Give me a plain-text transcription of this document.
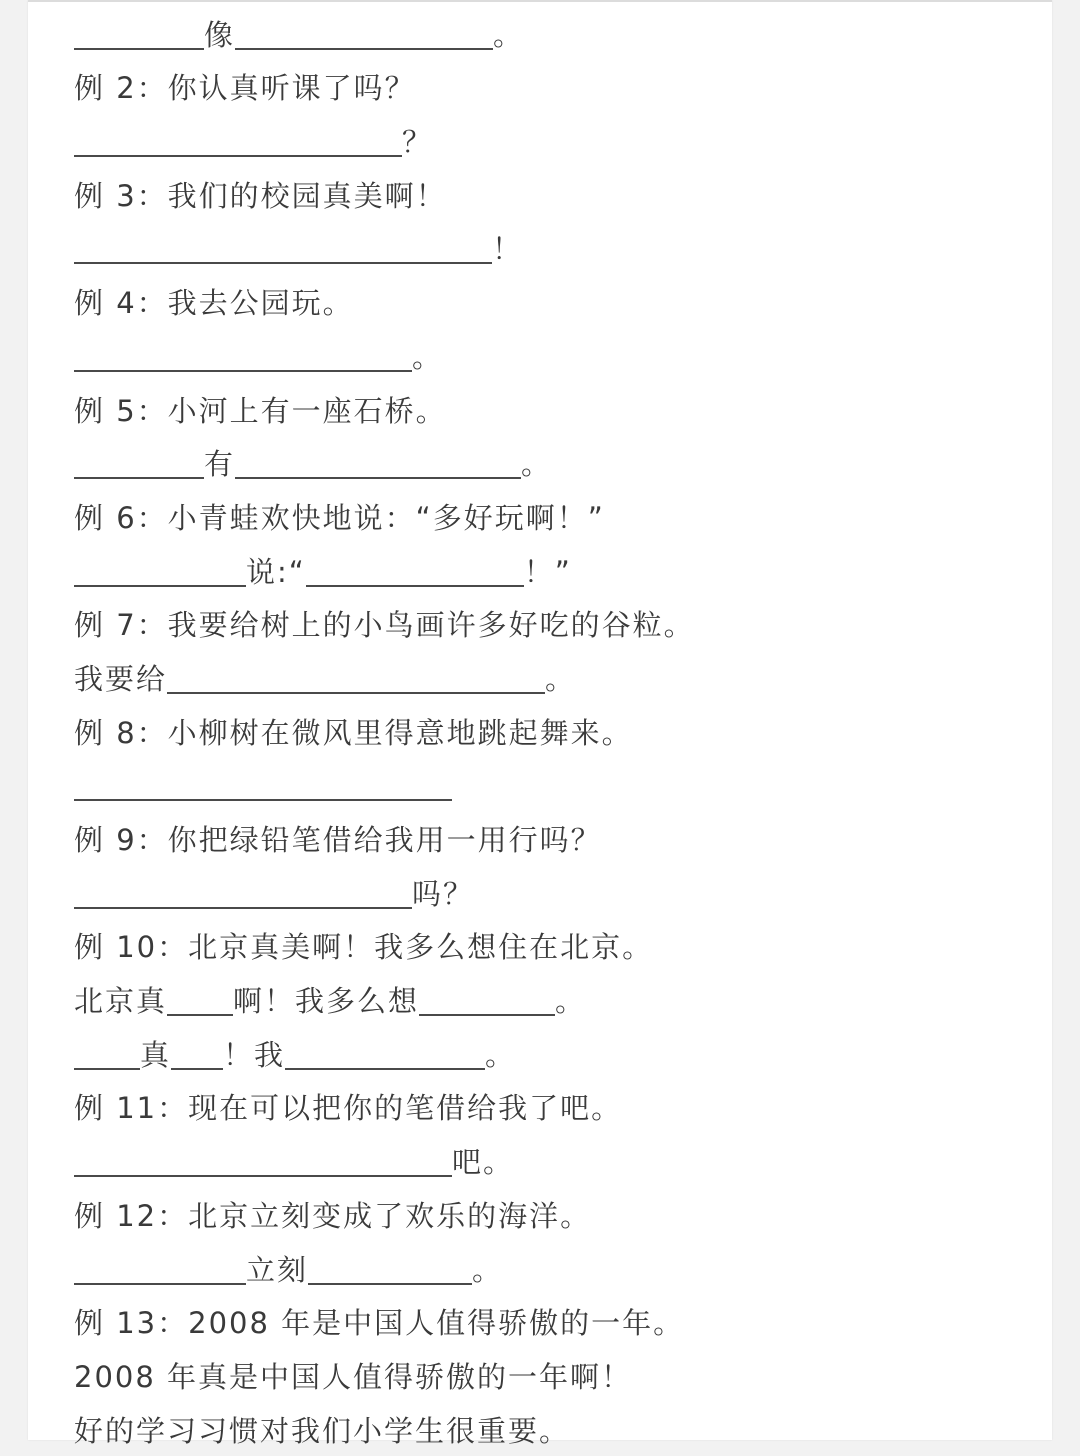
像	。
例 2： 你认真听课了吗？
？
例 3： 我们的校园真美啊！
！
例 4： 我去公园玩。
。
例 5： 小河上有一座石桥。
有	。
例 6： 小青蛙欢快地说：“多好玩啊！”
说:“	！”
例 7： 我要给树上的小鸟画许多好吃的谷粒。
我要给	。
例 8： 小柳树在微风里得意地跳起舞来。
例 9： 你把绿铅笔借给我用一用行吗？
吗？
例 10： 北京真美啊！我多么想住在北京。
北京真 啊！我多么想	。
真 ！我	。
例 11： 现在可以把你的笔借给我了吧。
吧。
例 12： 北京立刻变成了欢乐的海洋。
立刻	。
例 13： 2008 年是中国人值得骄傲的一年。
2008 年真是中国人值得骄傲的一年啊！
好的学习习惯对我们小学生很重要。
